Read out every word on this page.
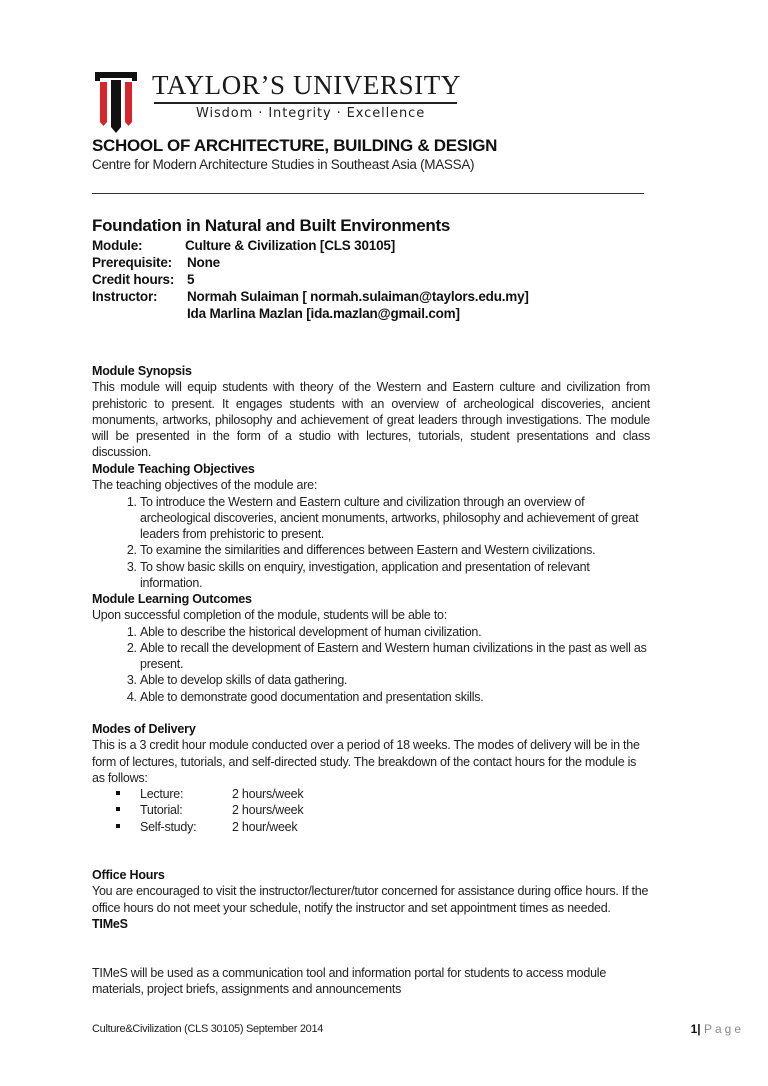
TAYLOR’S UNIVERSITY
Wisdom · Integrity · Excellence
SCHOOL OF ARCHITECTURE, BUILDING & DESIGN
Centre for Modern Architecture Studies in Southeast Asia (MASSA)
Foundation in Natural and Built Environments
Module:	Culture & Civilization [CLS 30105]
Prerequisite: None
Credit hours: 5
Instructor: Normah Sulaiman [ normah.sulaiman@taylors.edu.my]
Ida Marlina Mazlan [ida.mazlan@gmail.com]
Module Synopsis

This module will equip students with theory of the Western and Eastern culture and civilization from prehistoric to present. It engages students with an overview of archeological discoveries, ancient monuments, artworks, philosophy and achievement of great leaders through investigations. The module will be presented in the form of a studio with lectures, tutorials, student presentations and class discussion.

Module Teaching Objectives

The teaching objectives of the module are:

1. To introduce the Western and Eastern culture and civilization through an overview of archeological discoveries, ancient monuments, artworks, philosophy and achievement of great leaders from prehistoric to present.
2. To examine the similarities and differences between Eastern and Western civilizations.
3. To show basic skills on enquiry, investigation, application and presentation of relevant information.
Module Learning Outcomes

Upon successful completion of the module, students will be able to:

1. Able to describe the historical development of human civilization.
2. Able to recall the development of Eastern and Western human civilizations in the past as well as present.
3. Able to develop skills of data gathering.
4. Able to demonstrate good documentation and presentation skills.
Modes of Delivery

This is a 3 credit hour module conducted over a period of 18 weeks. The modes of delivery will be in the form of lectures, tutorials, and self-directed study. The breakdown of the contact hours for the module is as follows:

Lecture:	2 hours/week
Tutorial:	2 hours/week
Self-study:	2 hour/week
Office Hours

You are encouraged to visit the instructor/lecturer/tutor concerned for assistance during office hours. If the office hours do not meet your schedule, notify the instructor and set appointment times as needed.

TIMeS

TIMeS will be used as a communication tool and information portal for students to access module materials, project briefs, assignments and announcements

Culture&Civilization (CLS 30105) September 2014	1| Page
